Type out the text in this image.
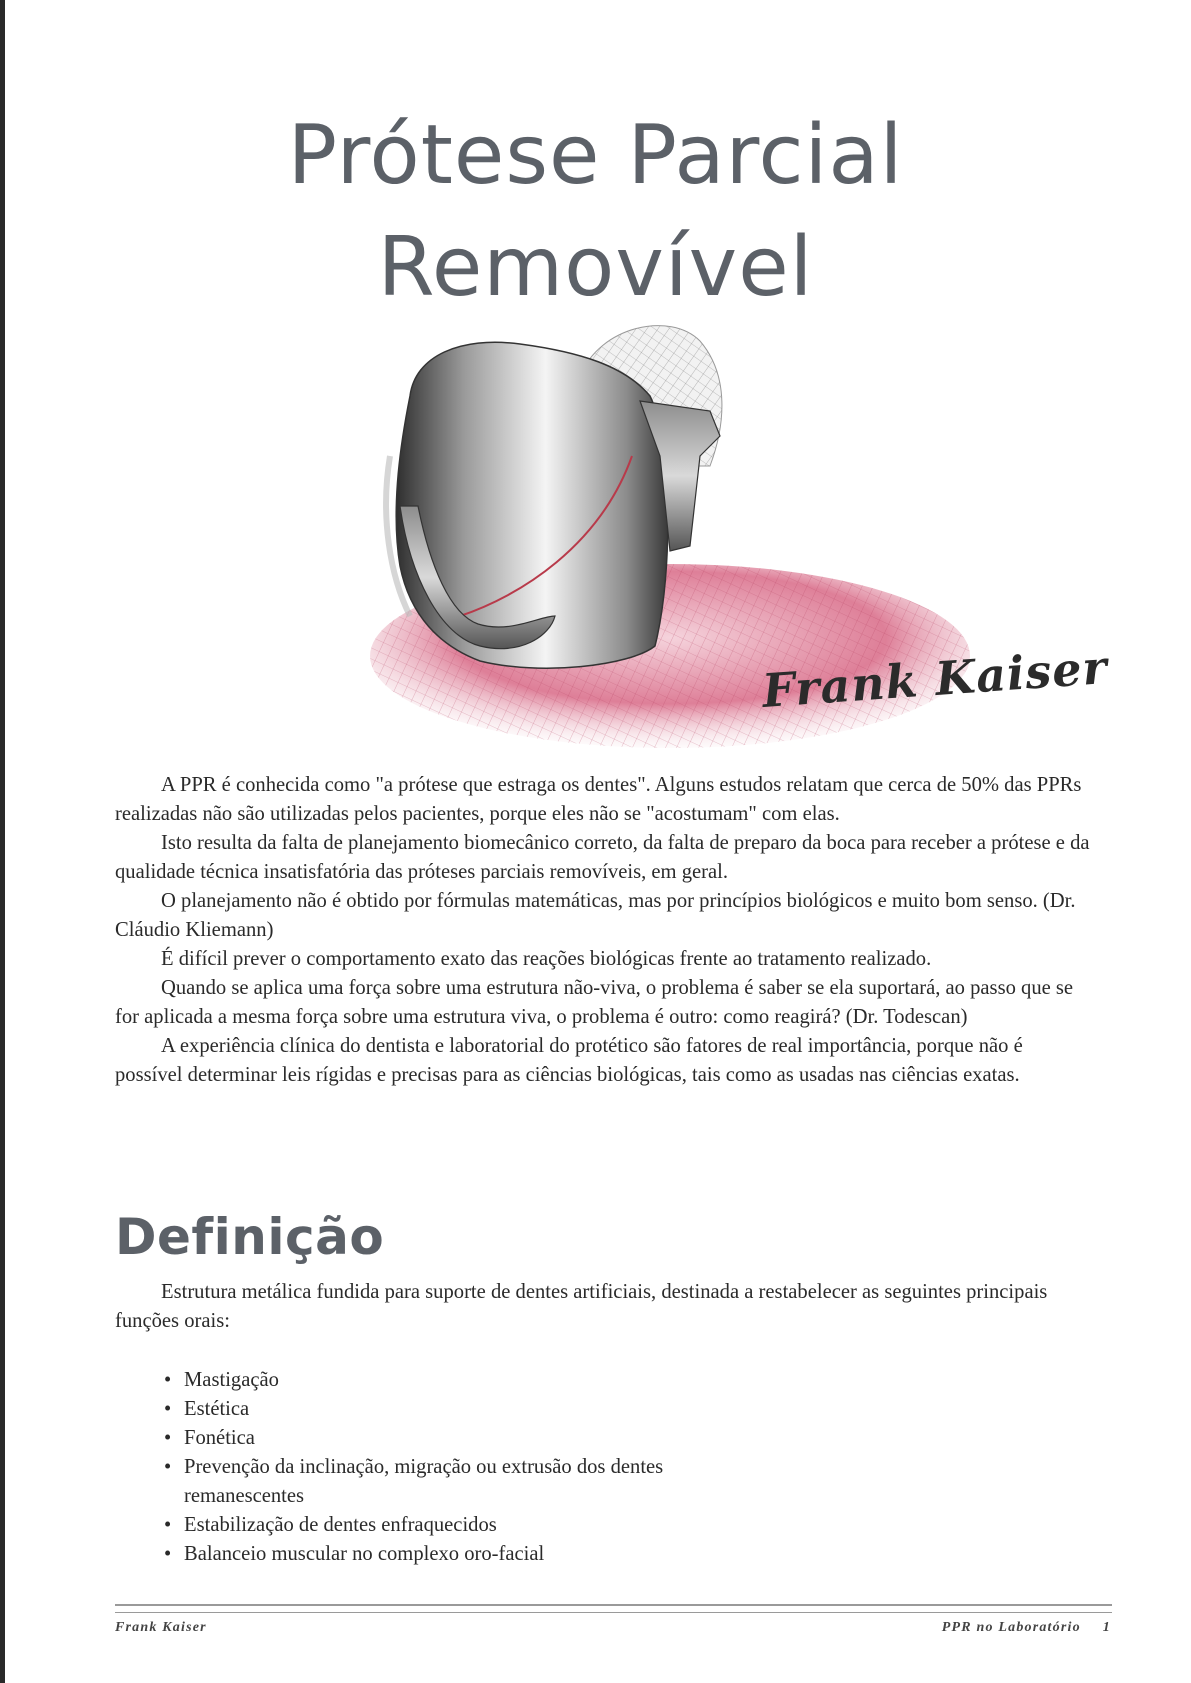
Prótese Parcial
Removível
Frank Kaiser

A PPR é conhecida como "a prótese que estraga os dentes". Alguns estudos relatam que cerca de 50% das PPRs realizadas não são utilizadas pelos pacientes, porque eles não se "acostumam" com elas.

Isto resulta da falta de planejamento biomecânico correto, da falta de preparo da boca para receber a prótese e da qualidade técnica insatisfatória das próteses parciais removíveis, em geral.

O planejamento não é obtido por fórmulas matemáticas, mas por princípios biológicos e muito bom senso. (Dr. Cláudio Kliemann)

É difícil prever o comportamento exato das reações biológicas frente ao tratamento realizado.

Quando se aplica uma força sobre uma estrutura não-viva, o problema é saber se ela suportará, ao passo que se for aplicada a mesma força sobre uma estrutura viva, o problema é outro: como reagirá? (Dr. Todescan)

A experiência clínica do dentista e laboratorial do protético são fatores de real importância, porque não é possível determinar leis rígidas e precisas para as ciências biológicas, tais como as usadas nas ciências exatas.

Definição

Estrutura metálica fundida para suporte de dentes artificiais, destinada a restabelecer as seguintes principais funções orais:

• Mastigação
• Estética
• Fonética
• Prevenção da inclinação, migração ou extrusão dos dentes remanescentes
• Estabilização de dentes enfraquecidos
• Balanceio muscular no complexo oro-facial
Frank Kaiser	PPR no Laboratório 1
